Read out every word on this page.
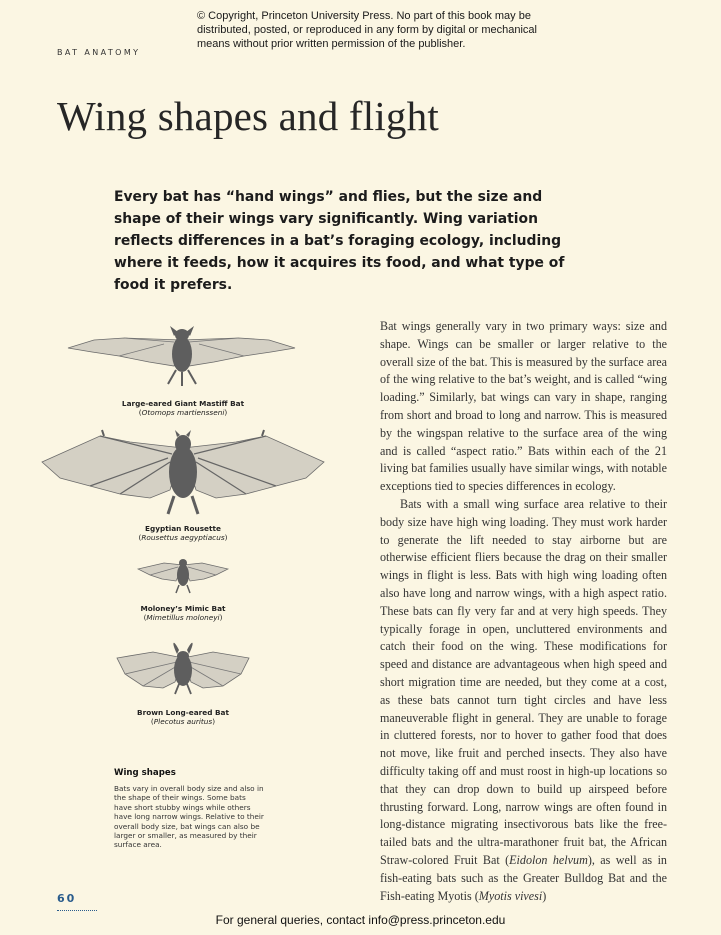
© Copyright, Princeton University Press. No part of this book may be distributed, posted, or reproduced in any form by digital or mechanical means without prior written permission of the publisher.
BAT ANATOMY
Wing shapes and flight

Every bat has “hand wings” and flies, but the size and shape of their wings vary significantly. Wing variation reflects differences in a bat’s foraging ecology, including where it feeds, how it acquires its food, and what type of food it prefers.

Large-eared Giant Mastiff Bat
(Otomops martiensseni)
Egyptian Rousette
(Rousettus aegyptiacus)
Moloney’s Mimic Bat
(Mimetillus moloneyi)
Brown Long-eared Bat
(Plecotus auritus)
Wing shapes

Bats vary in overall body size and also in the shape of their wings. Some bats have short stubby wings while others have long narrow wings. Relative to their overall body size, bat wings can also be larger or smaller, as measured by their surface area.

Bat wings generally vary in two primary ways: size and shape. Wings can be smaller or larger relative to the overall size of the bat. This is measured by the surface area of the wing relative to the bat’s weight, and is called “wing loading.” Similarly, bat wings can vary in shape, ranging from short and broad to long and narrow. This is measured by the wingspan relative to the surface area of the wing and is called “aspect ratio.” Bats within each of the 21 living bat families usually have similar wings, with notable exceptions tied to species differences in ecology.

Bats with a small wing surface area relative to their body size have high wing loading. They must work harder to generate the lift needed to stay airborne but are otherwise efficient fliers because the drag on their smaller wings in flight is less. Bats with high wing loading often also have long and narrow wings, with a high aspect ratio. These bats can fly very far and at very high speeds. They typically forage in open, uncluttered environments and catch their food on the wing. These modifications for speed and distance are advantageous when high speed and short migration time are needed, but they come at a cost, as these bats cannot turn tight circles and have less maneuverable flight in general. They are unable to forage in cluttered forests, nor to hover to gather food that does not move, like fruit and perched insects. They also have difficulty taking off and must roost in high-up locations so that they can drop down to build up airspeed before thrusting forward. Long, narrow wings are often found in long-distance migrating insectivorous bats like the free-tailed bats and the ultra-marathoner fruit bat, the African Straw-colored Fruit Bat (Eidolon helvum), as well as in fish-eating bats such as the Greater Bulldog Bat and the Fish-eating Myotis (Myotis vivesi)

60
For general queries, contact info@press.princeton.edu
